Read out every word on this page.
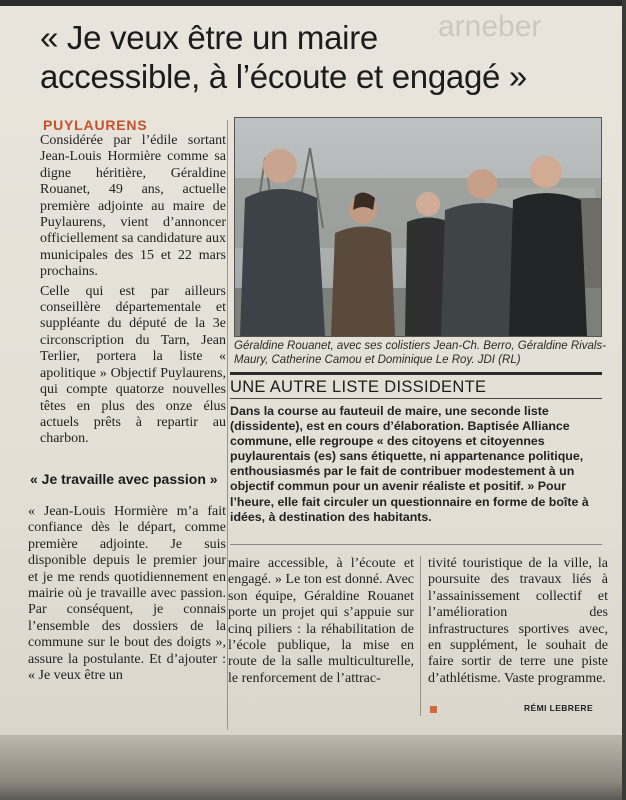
arneber
« Je veux être un maire
accessible, à l’écoute et engagé »
PUYLAURENS

Considérée par l’édile sortant Jean-Louis Hormière comme sa digne héritière, Géraldine Rouanet, 49 ans, actuelle première adjointe au maire de Puylaurens, vient d’annoncer officiellement sa candidature aux municipales des 15 et 22 mars prochains.

Celle qui est par ailleurs conseillère départementale et suppléante du député de la 3e circonscription du Tarn, Jean Terlier, portera la liste « apolitique » Objectif Puylaurens, qui compte quatorze nouvelles têtes en plus des onze élus actuels prêts à repartir au charbon.

« Je travaille avec passion »
« Jean-Louis Hormière m’a fait confiance dès le départ, comme première adjointe. Je suis disponible depuis le premier jour et je me rends quotidiennement en mairie où je travaille avec passion. Par conséquent, je connais l’ensemble des dossiers de la commune sur le bout des doigts », assure la postulante. Et d’ajouter : « Je veux être un
Géraldine Rouanet, avec ses colistiers Jean-Ch. Berro, Géraldine Rivals-Maury, Catherine Camou et Dominique Le Roy. JDI (RL)
UNE AUTRE LISTE DISSIDENTE
Dans la course au fauteuil de maire, une seconde liste (dissidente), est en cours d’élaboration. Baptisée Alliance commune, elle regroupe « des citoyens et citoyennes puylaurentais (es) sans étiquette, ni appartenance politique, enthousiasmés par le fait de contribuer modestement à un objectif commun pour un avenir réaliste et positif. » Pour l’heure, elle fait circuler un questionnaire en forme de boîte à idées, à destination des habitants.
maire accessible, à l’écoute et engagé. » Le ton est donné. Avec son équipe, Géraldine Rouanet porte un projet qui s’appuie sur cinq piliers : la réhabilitation de l’école publique, la mise en route de la salle multiculturelle, le renforcement de l’attrac-
tivité touristique de la ville, la poursuite des travaux liés à l’assainissement collectif et l’amélioration des infrastructures sportives avec, en supplément, le souhait de faire sortir de terre une piste d’athlétisme. Vaste programme.
RÉMI LEBRERE
